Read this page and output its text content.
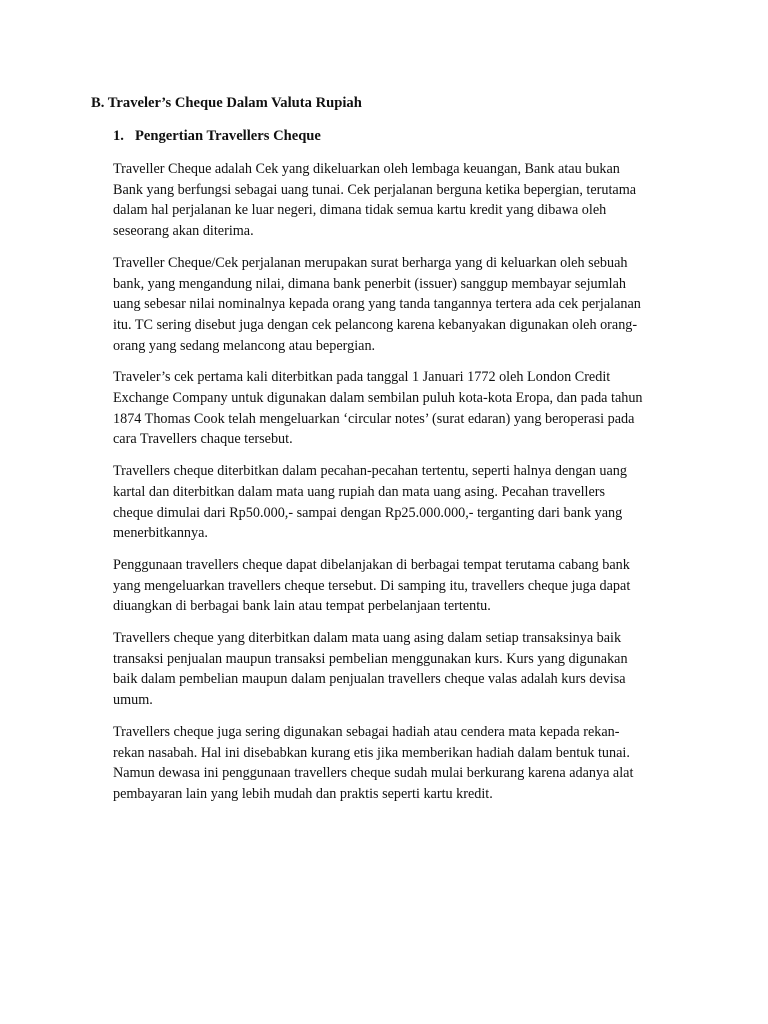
B. Traveler’s Cheque Dalam Valuta Rupiah
1. Pengertian Travellers Cheque

Traveller Cheque adalah Cek yang dikeluarkan oleh lembaga keuangan, Bank atau bukan
Bank yang berfungsi sebagai uang tunai. Cek perjalanan berguna ketika bepergian, terutama
dalam hal perjalanan ke luar negeri, dimana tidak semua kartu kredit yang dibawa oleh
seseorang akan diterima.

Traveller Cheque/Cek perjalanan merupakan surat berharga yang di keluarkan oleh sebuah
bank, yang mengandung nilai, dimana bank penerbit (issuer) sanggup membayar sejumlah
uang sebesar nilai nominalnya kepada orang yang tanda tangannya tertera ada cek perjalanan
itu. TC sering disebut juga dengan cek pelancong karena kebanyakan digunakan oleh orang-
orang yang sedang melancong atau bepergian.

Traveler’s cek pertama kali diterbitkan pada tanggal 1 Januari 1772 oleh London Credit
Exchange Company untuk digunakan dalam sembilan puluh kota-kota Eropa, dan pada tahun
1874 Thomas Cook telah mengeluarkan ‘circular notes’ (surat edaran) yang beroperasi pada
cara Travellers chaque tersebut.

Travellers cheque diterbitkan dalam pecahan-pecahan tertentu, seperti halnya dengan uang
kartal dan diterbitkan dalam mata uang rupiah dan mata uang asing. Pecahan travellers
cheque dimulai dari Rp50.000,- sampai dengan Rp25.000.000,- terganting dari bank yang
menerbitkannya.

Penggunaan travellers cheque dapat dibelanjakan di berbagai tempat terutama cabang bank
yang mengeluarkan travellers cheque tersebut. Di samping itu, travellers cheque juga dapat
diuangkan di berbagai bank lain atau tempat perbelanjaan tertentu.

Travellers cheque yang diterbitkan dalam mata uang asing dalam setiap transaksinya baik
transaksi penjualan maupun transaksi pembelian menggunakan kurs. Kurs yang digunakan
baik dalam pembelian maupun dalam penjualan travellers cheque valas adalah kurs devisa
umum.

Travellers cheque juga sering digunakan sebagai hadiah atau cendera mata kepada rekan-
rekan nasabah. Hal ini disebabkan kurang etis jika memberikan hadiah dalam bentuk tunai.
Namun dewasa ini penggunaan travellers cheque sudah mulai berkurang karena adanya alat
pembayaran lain yang lebih mudah dan praktis seperti kartu kredit.
